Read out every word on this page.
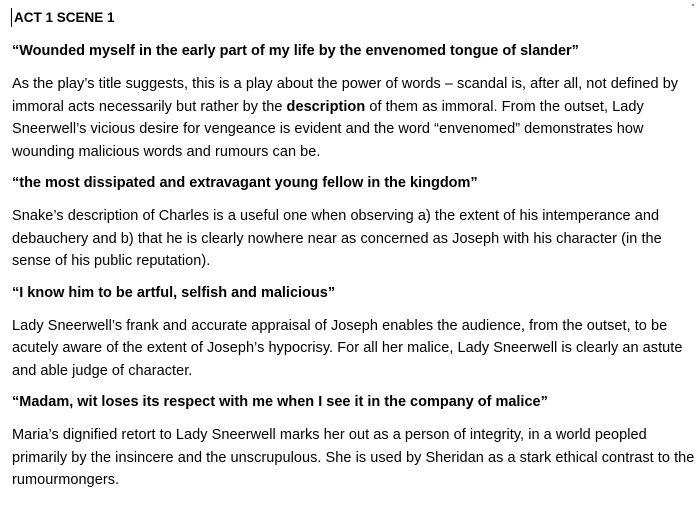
ACT 1 SCENE 1
“Wounded myself in the early part of my life by the envenomed tongue of slander”

As the play’s title suggests, this is a play about the power of words – scandal is, after all, not defined by immoral acts necessarily but rather by the description of them as immoral. From the outset, Lady Sneerwell’s vicious desire for vengeance is evident and the word “envenomed” demonstrates how wounding malicious words and rumours can be.

“the most dissipated and extravagant young fellow in the kingdom”

Snake’s description of Charles is a useful one when observing a) the extent of his intemperance and debauchery and b) that he is clearly nowhere near as concerned as Joseph with his character (in the sense of his public reputation).

“I know him to be artful, selfish and malicious”

Lady Sneerwell’s frank and accurate appraisal of Joseph enables the audience, from the outset, to be acutely aware of the extent of Joseph’s hypocrisy. For all her malice, Lady Sneerwell is clearly an astute and able judge of character.

“Madam, wit loses its respect with me when I see it in the company of malice”

Maria’s dignified retort to Lady Sneerwell marks her out as a person of integrity, in a world peopled primarily by the insincere and the unscrupulous. She is used by Sheridan as a stark ethical contrast to the rumourmongers.
